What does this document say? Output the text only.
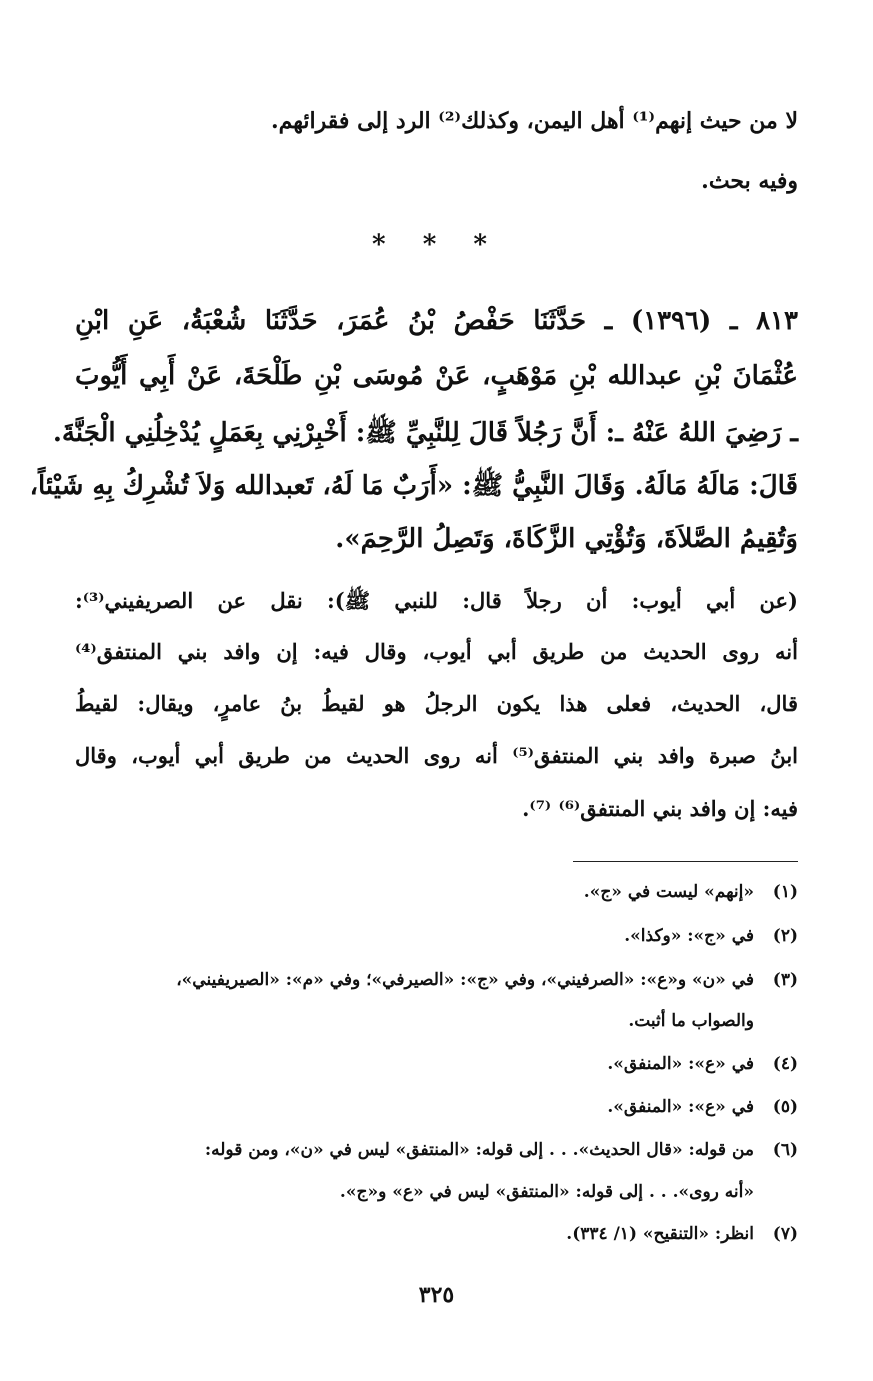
لا من حيث إنهم⁽¹⁾ أهل اليمن، وكذلك⁽²⁾ الرد إلى فقرائهم.
وفيه بحث.
* * *
٨١٣ ـ (١٣٩٦) ـ حَدَّثَنَا حَفْصُ بْنُ عُمَرَ، حَدَّثَنَا شُعْبَةُ، عَنِ ابْنِ
عُثْمَانَ بْنِ عبدالله بْنِ مَوْهَبٍ، عَنْ مُوسَى بْنِ طَلْحَةَ، عَنْ أَبِي أَيُّوبَ
ـ رَضِيَ اللهُ عَنْهُ ـ: أَنَّ رَجُلاً قَالَ لِلنَّبِيِّ ﷺ: أَخْبِرْنِي بِعَمَلٍ يُدْخِلُنِي الْجَنَّةَ.
قَالَ: مَالَهُ مَالَهُ. وَقَالَ النَّبِيُّ ﷺ: «أَرَبٌ مَا لَهُ، تَعبدالله وَلاَ تُشْرِكُ بِهِ شَيْئاً،
وَتُقِيمُ الصَّلاَةَ، وَتُؤْتِي الزَّكَاةَ، وَتَصِلُ الرَّحِمَ».
(عن أبي أيوب: أن رجلاً قال: للنبي ﷺ): نقل عن الصريفيني⁽³⁾:
أنه روى الحديث من طريق أبي أيوب، وقال فيه: إن وافد بني المنتفق⁽⁴⁾
قال، الحديث، فعلى هذا يكون الرجلُ هو لقيطُ بنُ عامرٍ، ويقال: لقيطُ
ابنُ صبرة وافد بني المنتفق⁽⁵⁾ أنه روى الحديث من طريق أبي أيوب، وقال
فيه: إن وافد بني المنتفق⁽⁶⁾ ⁽⁷⁾.
(١)«إنهم» ليست في «ج».
(٢)في «ج»: «وكذا».
(٣)في «ن» و«ع»: «الصرفيني»، وفي «ج»: «الصيرفي»؛ وفي «م»: «الصيريفيني»،
والصواب ما أثبت.
(٤)في «ع»: «المنفق».
(٥)في «ع»: «المنفق».
(٦)من قوله: «قال الحديث». . . إلى قوله: «المنتفق» ليس في «ن»، ومن قوله:
«أنه روى». . . إلى قوله: «المنتفق» ليس في «ع» و«ج».
(٧)انظر: «التنقيح» (١/ ٣٣٤).
٣٢٥
